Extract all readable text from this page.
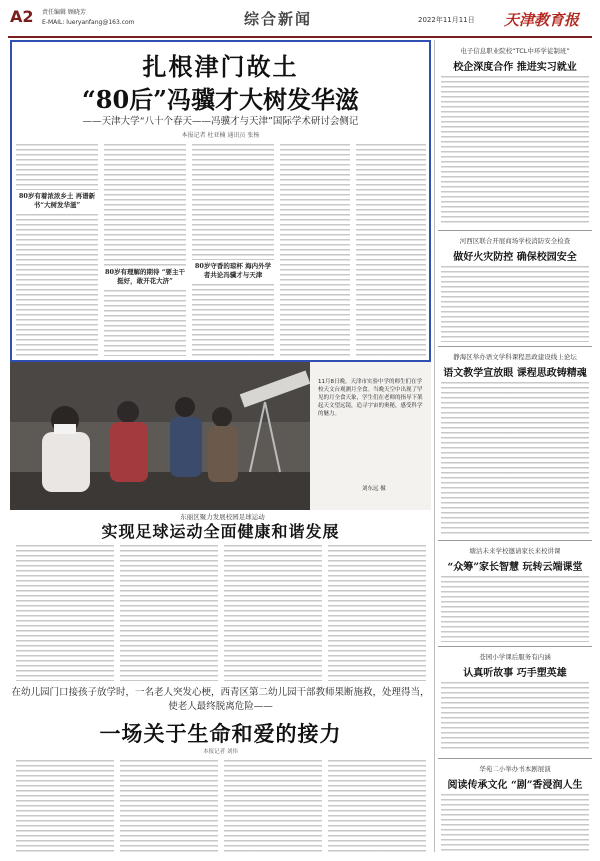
A2 责任编辑 顾晓芳
E-MAIL: lueryanfang@163.com	综合新闻	2022年11月11日 天津教育报
扎根津门故土
“80后”冯骥才大树发华滋
——天津大学“八十个春天——冯骥才与天津”国际学术研讨会侧记
本报记者 杜亚楠 通讯员 张杨
80岁有着浓浓乡土 再谱新书“大树发华滋”
80岁有理解的期待 “要主干挺好，敢开花大济”
80岁守香的琼杯 海内外学者共论冯骥才与天津
11月8日晚，天津市实验中学的师生们在学校天文台观测月全食。当晚天空中出现了罕见的月全食天象，学生们在老师的指导下架起天文望远镜，追寻宇宙的奥秘，感受科学的魅力。
刘东远 摄
东丽区聚力发展校园足球运动
实现足球运动全面健康和谐发展
在幼儿园门口接孩子放学时，一名老人突发心梗，西青区第二幼儿园干部教师果断施救，处理得当，使老人最终脱离危险——
一场关于生命和爱的接力
本报记者 刘伟
电子信息职业院校“TCL中环学徒制班”
校企深度合作 推进实习就业
河西区联合开展商场学校消防安全检查
做好火灾防控 确保校园安全
静海区举办语文学科课程思政建设线上论坛
语文教学宣放眼 课程思政铸精魂
塘沽未来学校邀请家长来校讲课
“众筹”家长智慧 玩转云端课堂
苍园小学课后服务有内涵
认真听故事 巧手塑英雄
华苑二小举办书本剧展演
阅读传承文化 “剧”香浸润人生
